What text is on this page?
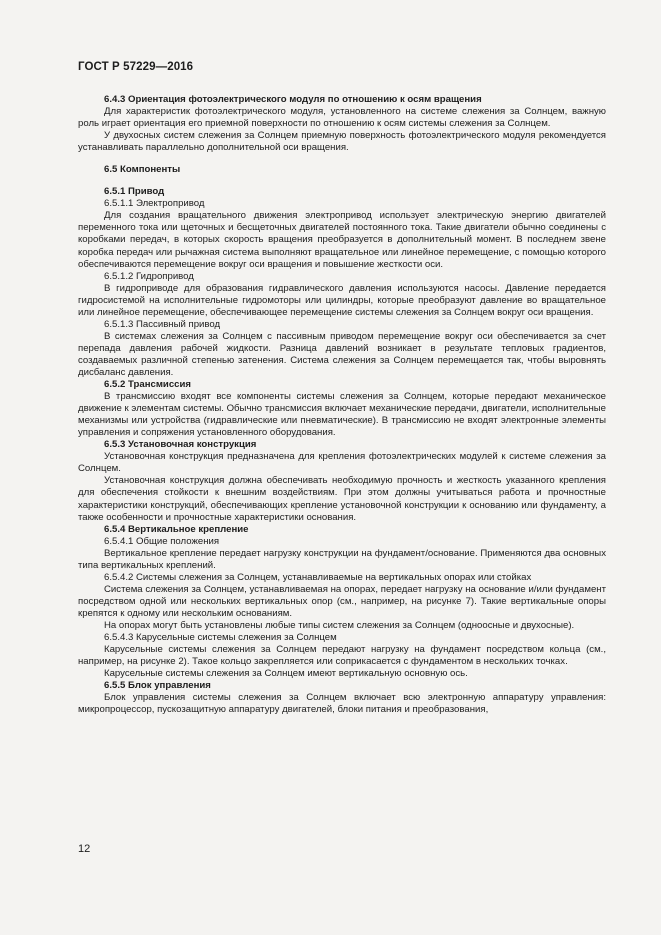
ГОСТ Р 57229—2016

6.4.3 Ориентация фотоэлектрического модуля по отношению к осям вращения

Для характеристик фотоэлектрического модуля, установленного на системе слежения за Солнцем, важную роль играет ориентация его приемной поверхности по отношению к осям системы слежения за Солнцем.

У двухосных систем слежения за Солнцем приемную поверхность фотоэлектрического модуля рекомендуется устанавливать параллельно дополнительной оси вращения.

6.5 Компоненты

6.5.1 Привод

6.5.1.1 Электропривод

Для создания вращательного движения электропривод использует электрическую энергию двигателей переменного тока или щеточных и бесщеточных двигателей постоянного тока. Такие двигатели обычно соединены с коробками передач, в которых скорость вращения преобразуется в дополнительный момент. В последнем звене коробка передач или рычажная система выполняют вращательное или линейное перемещение, с помощью которого обеспечиваются перемещение вокруг оси вращения и повышение жесткости оси.

6.5.1.2 Гидропривод

В гидроприводе для образования гидравлического давления используются насосы. Давление передается гидросистемой на исполнительные гидромоторы или цилиндры, которые преобразуют давление во вращательное или линейное перемещение, обеспечивающее перемещение системы слежения за Солнцем вокруг оси вращения.

6.5.1.3 Пассивный привод

В системах слежения за Солнцем с пассивным приводом перемещение вокруг оси обеспечивается за счет перепада давления рабочей жидкости. Разница давлений возникает в результате тепловых градиентов, создаваемых различной степенью затенения. Система слежения за Солнцем перемещается так, чтобы выровнять дисбаланс давления.

6.5.2 Трансмиссия

В трансмиссию входят все компоненты системы слежения за Солнцем, которые передают механическое движение к элементам системы. Обычно трансмиссия включает механические передачи, двигатели, исполнительные механизмы или устройства (гидравлические или пневматические). В трансмиссию не входят электронные элементы управления и сопряжения установленного оборудования.

6.5.3 Установочная конструкция

Установочная конструкция предназначена для крепления фотоэлектрических модулей к системе слежения за Солнцем.

Установочная конструкция должна обеспечивать необходимую прочность и жесткость указанного крепления для обеспечения стойкости к внешним воздействиям. При этом должны учитываться работа и прочностные характеристики конструкций, обеспечивающих крепление установочной конструкции к основанию или фундаменту, а также особенности и прочностные характеристики основания.

6.5.4 Вертикальное крепление

6.5.4.1 Общие положения

Вертикальное крепление передает нагрузку конструкции на фундамент/основание. Применяются два основных типа вертикальных креплений.

6.5.4.2 Системы слежения за Солнцем, устанавливаемые на вертикальных опорах или стойках

Система слежения за Солнцем, устанавливаемая на опорах, передает нагрузку на основание и/или фундамент посредством одной или нескольких вертикальных опор (см., например, на рисунке 7). Такие вертикальные опоры крепятся к одному или нескольким основаниям.

На опорах могут быть установлены любые типы систем слежения за Солнцем (одноосные и двухосные).

6.5.4.3 Карусельные системы слежения за Солнцем

Карусельные системы слежения за Солнцем передают нагрузку на фундамент посредством кольца (см., например, на рисунке 2). Такое кольцо закрепляется или соприкасается с фундаментом в нескольких точках.

Карусельные системы слежения за Солнцем имеют вертикальную основную ось.

6.5.5 Блок управления

Блок управления системы слежения за Солнцем включает всю электронную аппаратуру управления: микропроцессор, пускозащитную аппаратуру двигателей, блоки питания и преобразования,

12
